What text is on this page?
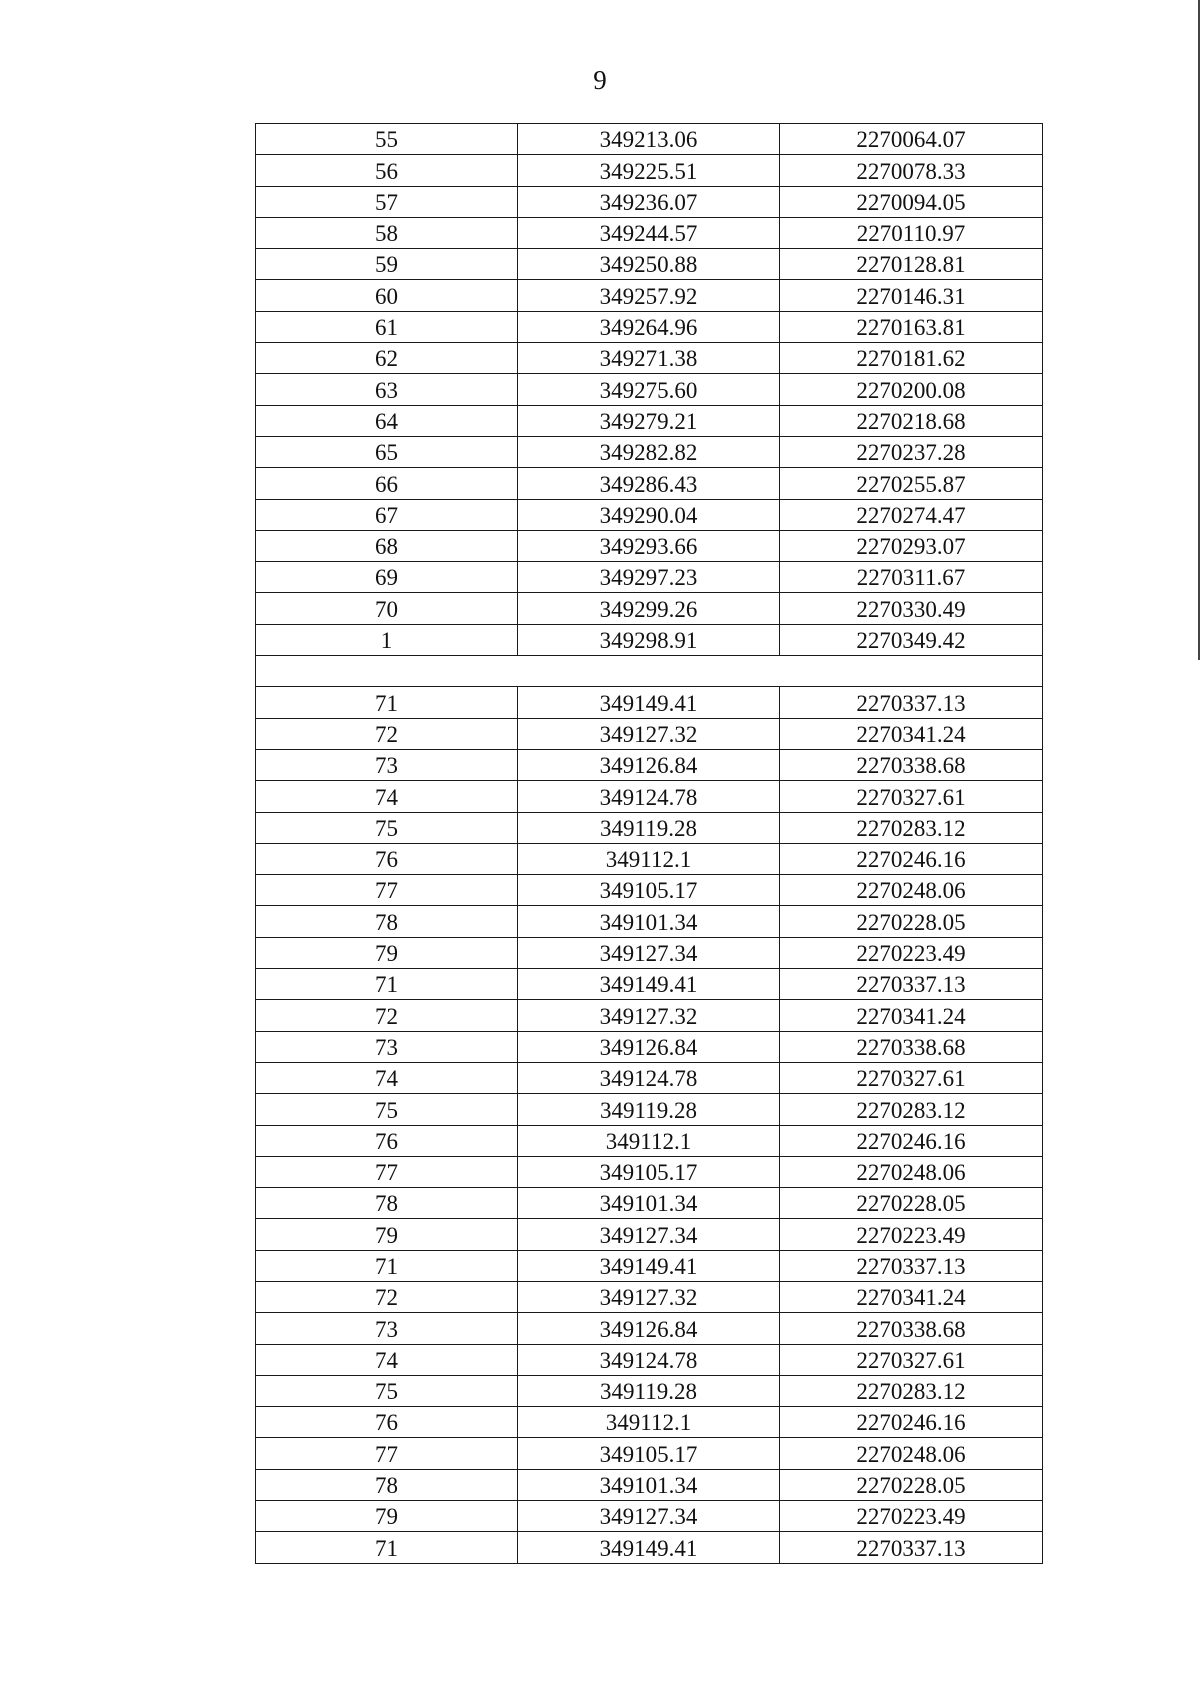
9
55	349213.06	2270064.07
56	349225.51	2270078.33
57	349236.07	2270094.05
58	349244.57	2270110.97
59	349250.88	2270128.81
60	349257.92	2270146.31
61	349264.96	2270163.81
62	349271.38	2270181.62
63	349275.60	2270200.08
64	349279.21	2270218.68
65	349282.82	2270237.28
66	349286.43	2270255.87
67	349290.04	2270274.47
68	349293.66	2270293.07
69	349297.23	2270311.67
70	349299.26	2270330.49
1	349298.91	2270349.42

71	349149.41	2270337.13
72	349127.32	2270341.24
73	349126.84	2270338.68
74	349124.78	2270327.61
75	349119.28	2270283.12
76	349112.1	2270246.16
77	349105.17	2270248.06
78	349101.34	2270228.05
79	349127.34	2270223.49
71	349149.41	2270337.13
72	349127.32	2270341.24
73	349126.84	2270338.68
74	349124.78	2270327.61
75	349119.28	2270283.12
76	349112.1	2270246.16
77	349105.17	2270248.06
78	349101.34	2270228.05
79	349127.34	2270223.49
71	349149.41	2270337.13
72	349127.32	2270341.24
73	349126.84	2270338.68
74	349124.78	2270327.61
75	349119.28	2270283.12
76	349112.1	2270246.16
77	349105.17	2270248.06
78	349101.34	2270228.05
79	349127.34	2270223.49
71	349149.41	2270337.13
